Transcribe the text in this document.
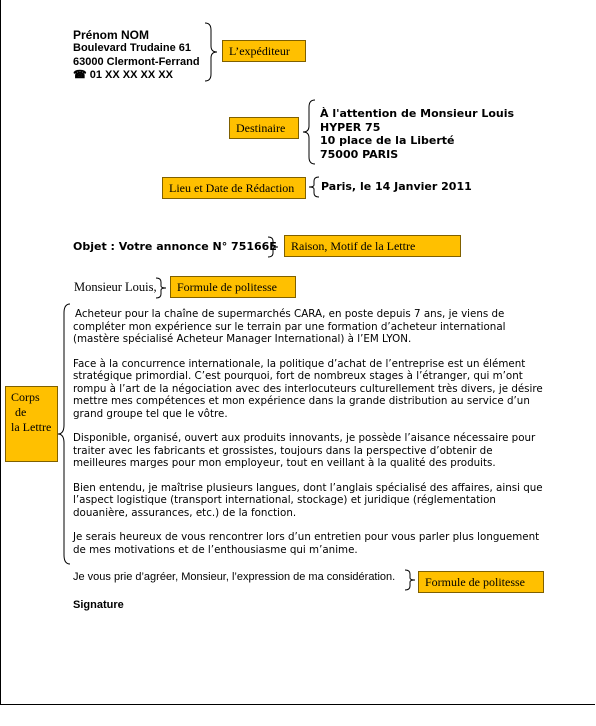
Prénom NOM
Boulevard Trudaine 61
63000 Clermont-Ferrand
☎ 01 XX XX XX XX
L’expéditeur
Destinaire
À l'attention de Monsieur Louis
HYPER 75
10 place de la Liberté
75000 PARIS
Lieu et Date de Rédaction	Paris, le 14 Janvier 2011
Objet : Votre annonce N° 75166E	Raison, Motif de la Lettre
Monsieur Louis,	Formule de politesse
Corps
de
la Lettre

Acheteur pour la chaîne de supermarchés CARA, en poste depuis 7 ans, je viens de compléter mon expérience sur le terrain par une formation d’acheteur international (mastère spécialisé Acheteur Manager International) à l’EM LYON.

Face à la concurrence internationale, la politique d’achat de l’entreprise est un élément stratégique primordial. C’est pourquoi, fort de nombreux stages à l’étranger, qui m’ont rompu à l’art de la négociation avec des interlocuteurs culturellement très divers, je désire mettre mes compétences et mon expérience dans la grande distribution au service d’un grand groupe tel que le vôtre.

Disponible, organisé, ouvert aux produits innovants, je possède l’aisance nécessaire pour traiter avec les fabricants et grossistes, toujours dans la perspective d’obtenir de meilleures marges pour mon employeur, tout en veillant à la qualité des produits.

Bien entendu, je maîtrise plusieurs langues, dont l’anglais spécialisé des affaires, ainsi que l’aspect logistique (transport international, stockage) et juridique (réglementation douanière, assurances, etc.) de la fonction.

Je serais heureux de vous rencontrer lors d’un entretien pour vous parler plus longuement de mes motivations et de l’enthousiasme qui m’anime.

Je vous prie d’agréer, Monsieur, l’expression de ma considération.	Formule de politesse
Signature
